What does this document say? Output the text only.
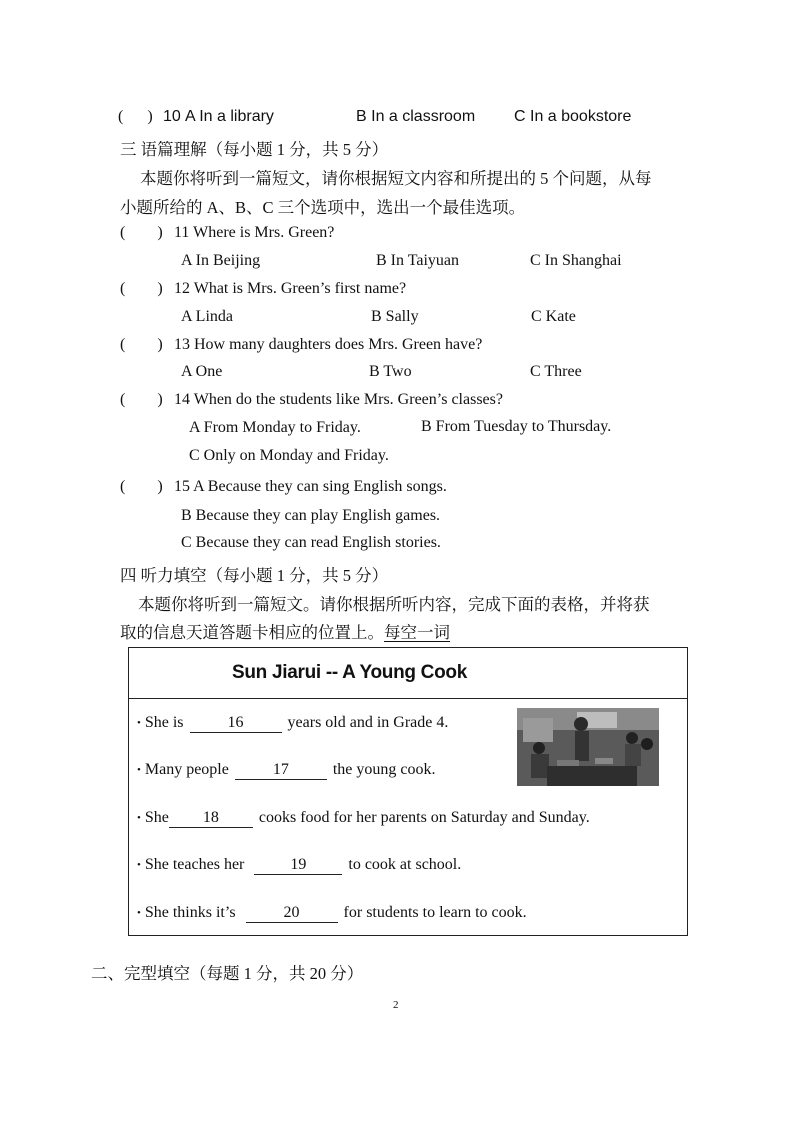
(      ) 10 A In a library	B In a classroom C In a bookstore
三 语篇理解（每小题 1 分，共 5 分）
本题你将听到一篇短文，请你根据短文内容和所提出的 5 个问题，从每
小题所给的 A、B、C 三个选项中，选出一个最佳选项。
(        ) 11 Where is Mrs. Green?
A In Beijing	B In Taiyuan	C In Shanghai
(        ) 12 What is Mrs. Green’s first name?
A Linda	B Sally	C Kate
(        ) 13 How many daughters does Mrs. Green have?
A One	B Two	C Three
(        ) 14 When do the students like Mrs. Green’s classes?
A From Monday to Friday.	B From Tuesday to Thursday.
C Only on Monday and Friday.
(        ) 15 A Because they can sing English songs.
B Because they can play English games.
C Because they can read English stories.
四 听力填空（每小题 1 分，共 5 分）
本题你将听到一篇短文。请你根据所听内容，完成下面的表格，并将获
取的信息天道答题卡相应的位置上。每空一词
Sun Jiarui -- A Young Cook
• She is	16	years old and in Grade 4.
• Many people	17	the young cook.
• She 18	cooks food for her parents on Saturday and Sunday.
• She teaches her	19	to cook at school.
• She thinks it’s	20	for students to learn to cook.
二、完型填空（每题 1 分，共 20 分）
2
